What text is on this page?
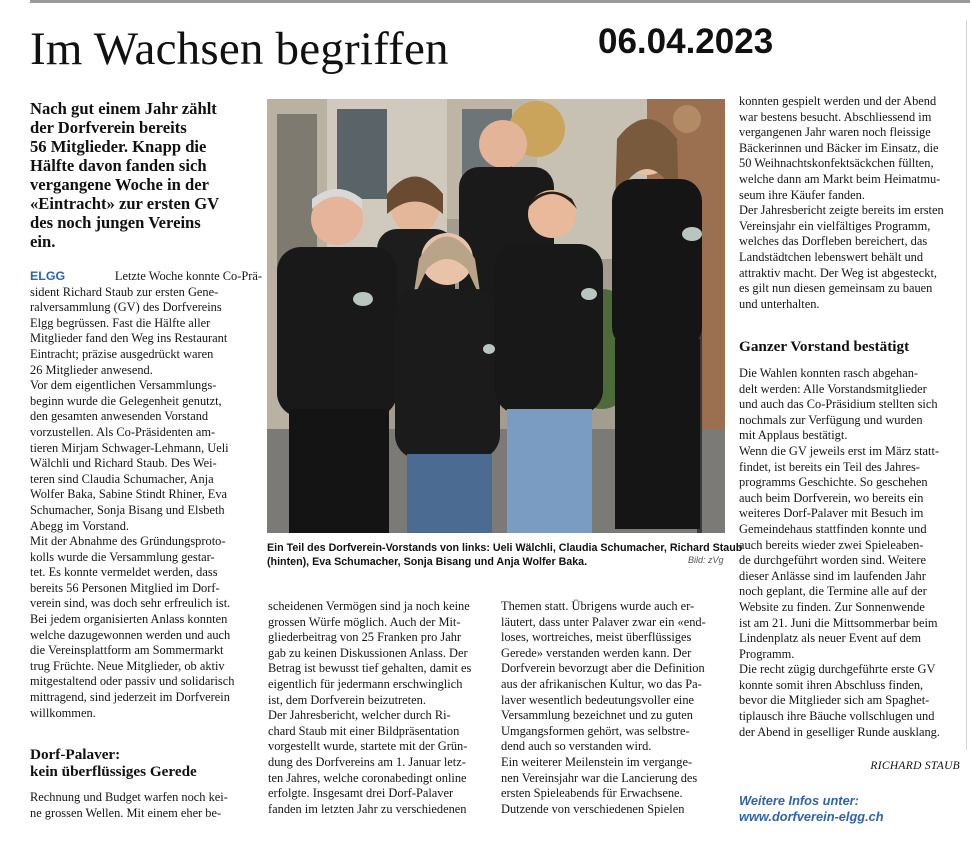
Im Wachsen begriffen	06.04.2023

Nach gut einem Jahr zählt

der Dorfverein bereits

56 Mitglieder. Knapp die

Hälfte davon fanden sich

vergangene Woche in der

«Eintracht» zur ersten GV

des noch jungen Vereins

ein.

ELGG	Letzte Woche konnte Co-Prä-

sident Richard Staub zur ersten Gene-

ralversammlung (GV) des Dorfvereins

Elgg begrüssen. Fast die Hälfte aller

Mitglieder fand den Weg ins Restaurant

Eintracht; präzise ausgedrückt waren

26 Mitglieder anwesend.

Vor dem eigentlichen Versammlungs-

beginn wurde die Gelegenheit genutzt,

den gesamten anwesenden Vorstand

vorzustellen. Als Co-Präsidenten am-

tieren Mirjam Schwager-Lehmann, Ueli

Wälchli und Richard Staub. Des Wei-

teren sind Claudia Schumacher, Anja

Wolfer Baka, Sabine Stindt Rhiner, Eva

Schumacher, Sonja Bisang und Elsbeth

Abegg im Vorstand.

Mit der Abnahme des Gründungsproto-

kolls wurde die Versammlung gestar-

tet. Es konnte vermeldet werden, dass

bereits 56 Personen Mitglied im Dorf-

verein sind, was doch sehr erfreulich ist.

Bei jedem organisierten Anlass konnten

welche dazugewonnen werden und auch

die Vereinsplattform am Sommermarkt

trug Früchte. Neue Mitglieder, ob aktiv

mitgestaltend oder passiv und solidarisch

mittragend, sind jederzeit im Dorfverein

willkommen.

Dorf-Palaver:

kein überflüssiges Gerede

Rechnung und Budget warfen noch kei-

ne grossen Wellen. Mit einem eher be-

Ein Teil des Dorfverein-Vorstands von links: Ueli Wälchli, Claudia Schumacher, Richard Staub

(hinten), Eva Schumacher, Sonja Bisang und Anja Wolfer Baka.	Bild: zVg

scheidenen Vermögen sind ja noch keine

grossen Würfe möglich. Auch der Mit-

gliederbeitrag von 25 Franken pro Jahr

gab zu keinen Diskussionen Anlass. Der

Betrag ist bewusst tief gehalten, damit es

eigentlich für jedermann erschwinglich

ist, dem Dorfverein beizutreten.

Der Jahresbericht, welcher durch Ri-

chard Staub mit einer Bildpräsentation

vorgestellt wurde, startete mit der Grün-

dung des Dorfvereins am 1. Januar letz-

ten Jahres, welche coronabedingt online

erfolgte. Insgesamt drei Dorf-Palaver

fanden im letzten Jahr zu verschiedenen

Themen statt. Übrigens wurde auch er-

läutert, dass unter Palaver zwar ein «end-

loses, wortreiches, meist überflüssiges

Gerede» verstanden werden kann. Der

Dorfverein bevorzugt aber die Definition

aus der afrikanischen Kultur, wo das Pa-

laver wesentlich bedeutungsvoller eine

Versammlung bezeichnet und zu guten

Umgangsformen gehört, was selbstre-

dend auch so verstanden wird.

Ein weiterer Meilenstein im vergange-

nen Vereinsjahr war die Lancierung des

ersten Spieleabends für Erwachsene.

Dutzende von verschiedenen Spielen

konnten gespielt werden und der Abend

war bestens besucht. Abschliessend im

vergangenen Jahr waren noch fleissige

Bäckerinnen und Bäcker im Einsatz, die

50 Weihnachtskonfektsäckchen füllten,

welche dann am Markt beim Heimatmu-

seum ihre Käufer fanden.

Der Jahresbericht zeigte bereits im ersten

Vereinsjahr ein vielfältiges Programm,

welches das Dorfleben bereichert, das

Landstädtchen lebenswert behält und

attraktiv macht. Der Weg ist abgesteckt,

es gilt nun diesen gemeinsam zu bauen

und unterhalten.

Ganzer Vorstand bestätigt

Die Wahlen konnten rasch abgehan-

delt werden: Alle Vorstandsmitglieder

und auch das Co-Präsidium stellten sich

nochmals zur Verfügung und wurden

mit Applaus bestätigt.

Wenn die GV jeweils erst im März statt-

findet, ist bereits ein Teil des Jahres-

programms Geschichte. So geschehen

auch beim Dorfverein, wo bereits ein

weiteres Dorf-Palaver mit Besuch im

Gemeindehaus stattfinden konnte und

auch bereits wieder zwei Spieleaben-

de durchgeführt worden sind. Weitere

dieser Anlässe sind im laufenden Jahr

noch geplant, die Termine alle auf der

Website zu finden. Zur Sonnenwende

ist am 21. Juni die Mittsommerbar beim

Lindenplatz als neuer Event auf dem

Programm.

Die recht zügig durchgeführte erste GV

konnte somit ihren Abschluss finden,

bevor die Mitglieder sich am Spaghet-

tiplausch ihre Bäuche vollschlugen und

der Abend in geselliger Runde ausklang.

RICHARD STAUB
Weitere Infos unter:
www.dorfverein-elgg.ch
